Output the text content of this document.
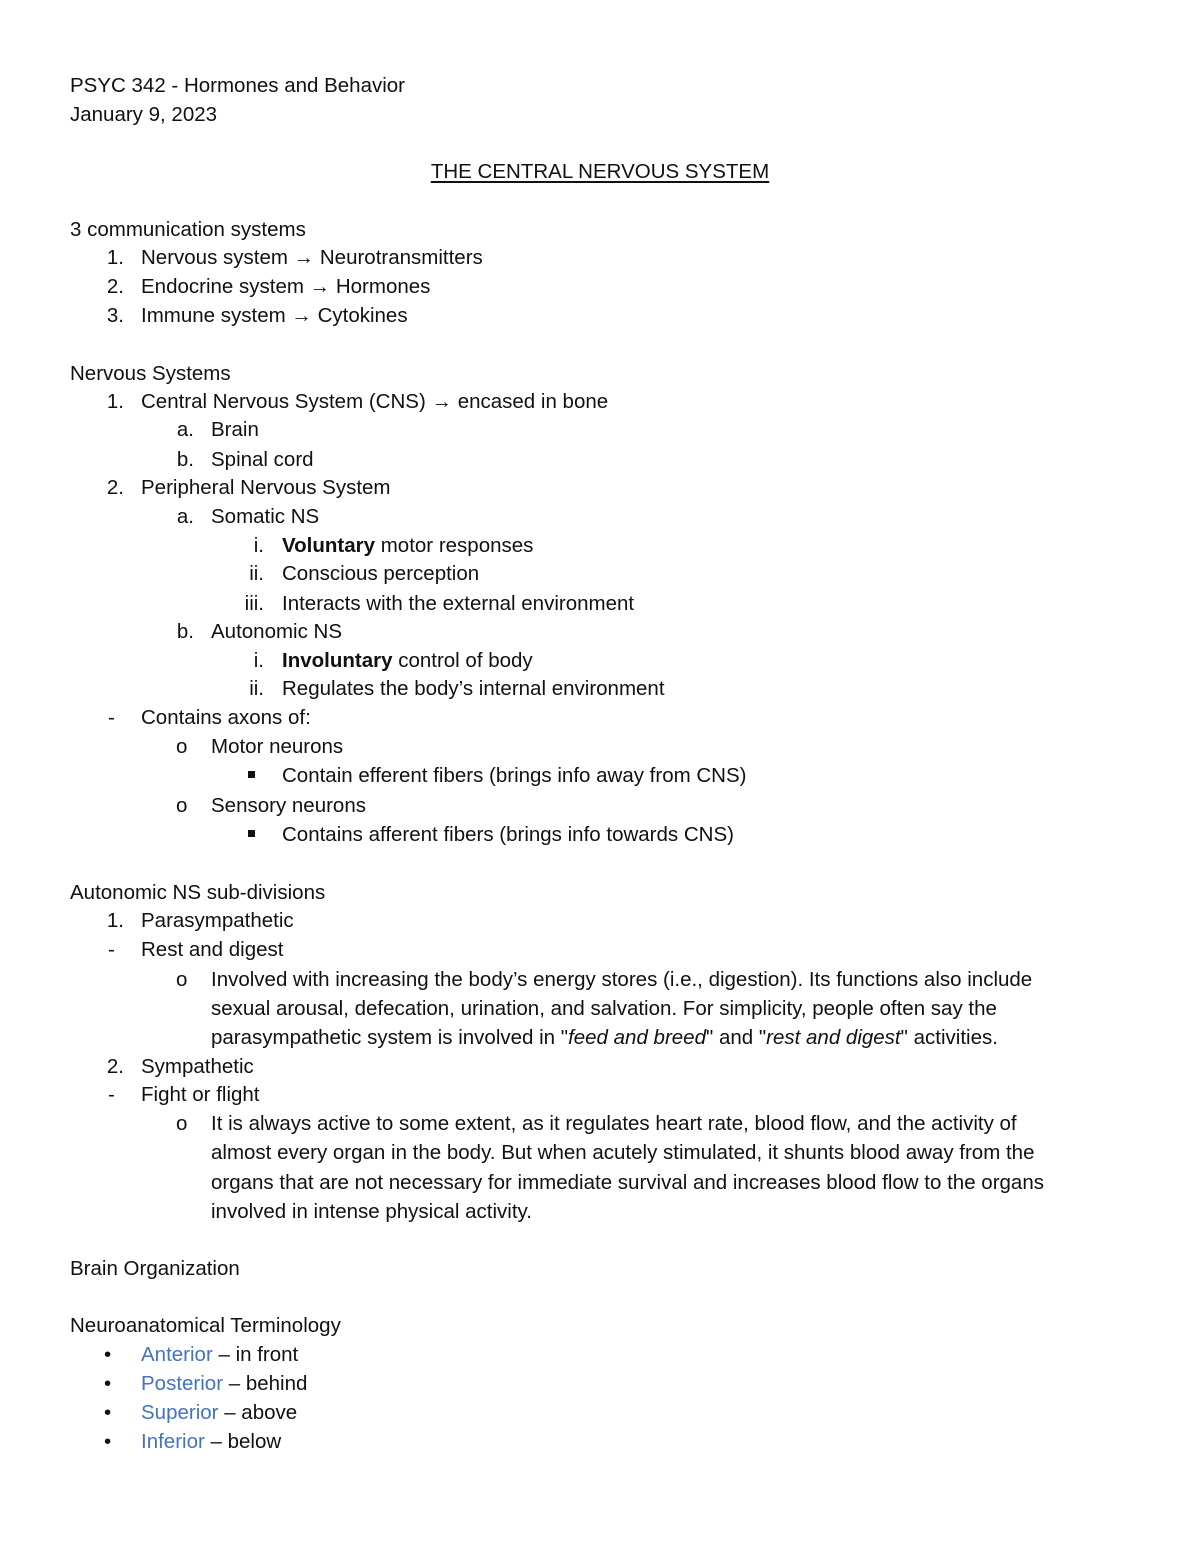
PSYC 342 - Hormones and Behavior
January 9, 2023
THE CENTRAL NERVOUS SYSTEM
3 communication systems
1. Nervous system → Neurotransmitters
2. Endocrine system → Hormones
3. Immune system → Cytokines
Nervous Systems
1. Central Nervous System (CNS) → encased in bone
a. Brain
b. Spinal cord
2. Peripheral Nervous System
a. Somatic NS
i. Voluntary motor responses
ii. Conscious perception
iii. Interacts with the external environment
b. Autonomic NS
i. Involuntary control of body
ii. Regulates the body’s internal environment
- Contains axons of:
o Motor neurons
Contain efferent fibers (brings info away from CNS)
o Sensory neurons
Contains afferent fibers (brings info towards CNS)
Autonomic NS sub-divisions
1. Parasympathetic
- Rest and digest
o Involved with increasing the body’s energy stores (i.e., digestion). Its functions also include
sexual arousal, defecation, urination, and salvation. For simplicity, people often say the
parasympathetic system is involved in "feed and breed" and "rest and digest" activities.
2. Sympathetic
- Fight or flight
o It is always active to some extent, as it regulates heart rate, blood flow, and the activity of
almost every organ in the body. But when acutely stimulated, it shunts blood away from the
organs that are not necessary for immediate survival and increases blood flow to the organs
involved in intense physical activity.
Brain Organization
Neuroanatomical Terminology
• Anterior – in front
• Posterior – behind
• Superior – above
• Inferior – below
